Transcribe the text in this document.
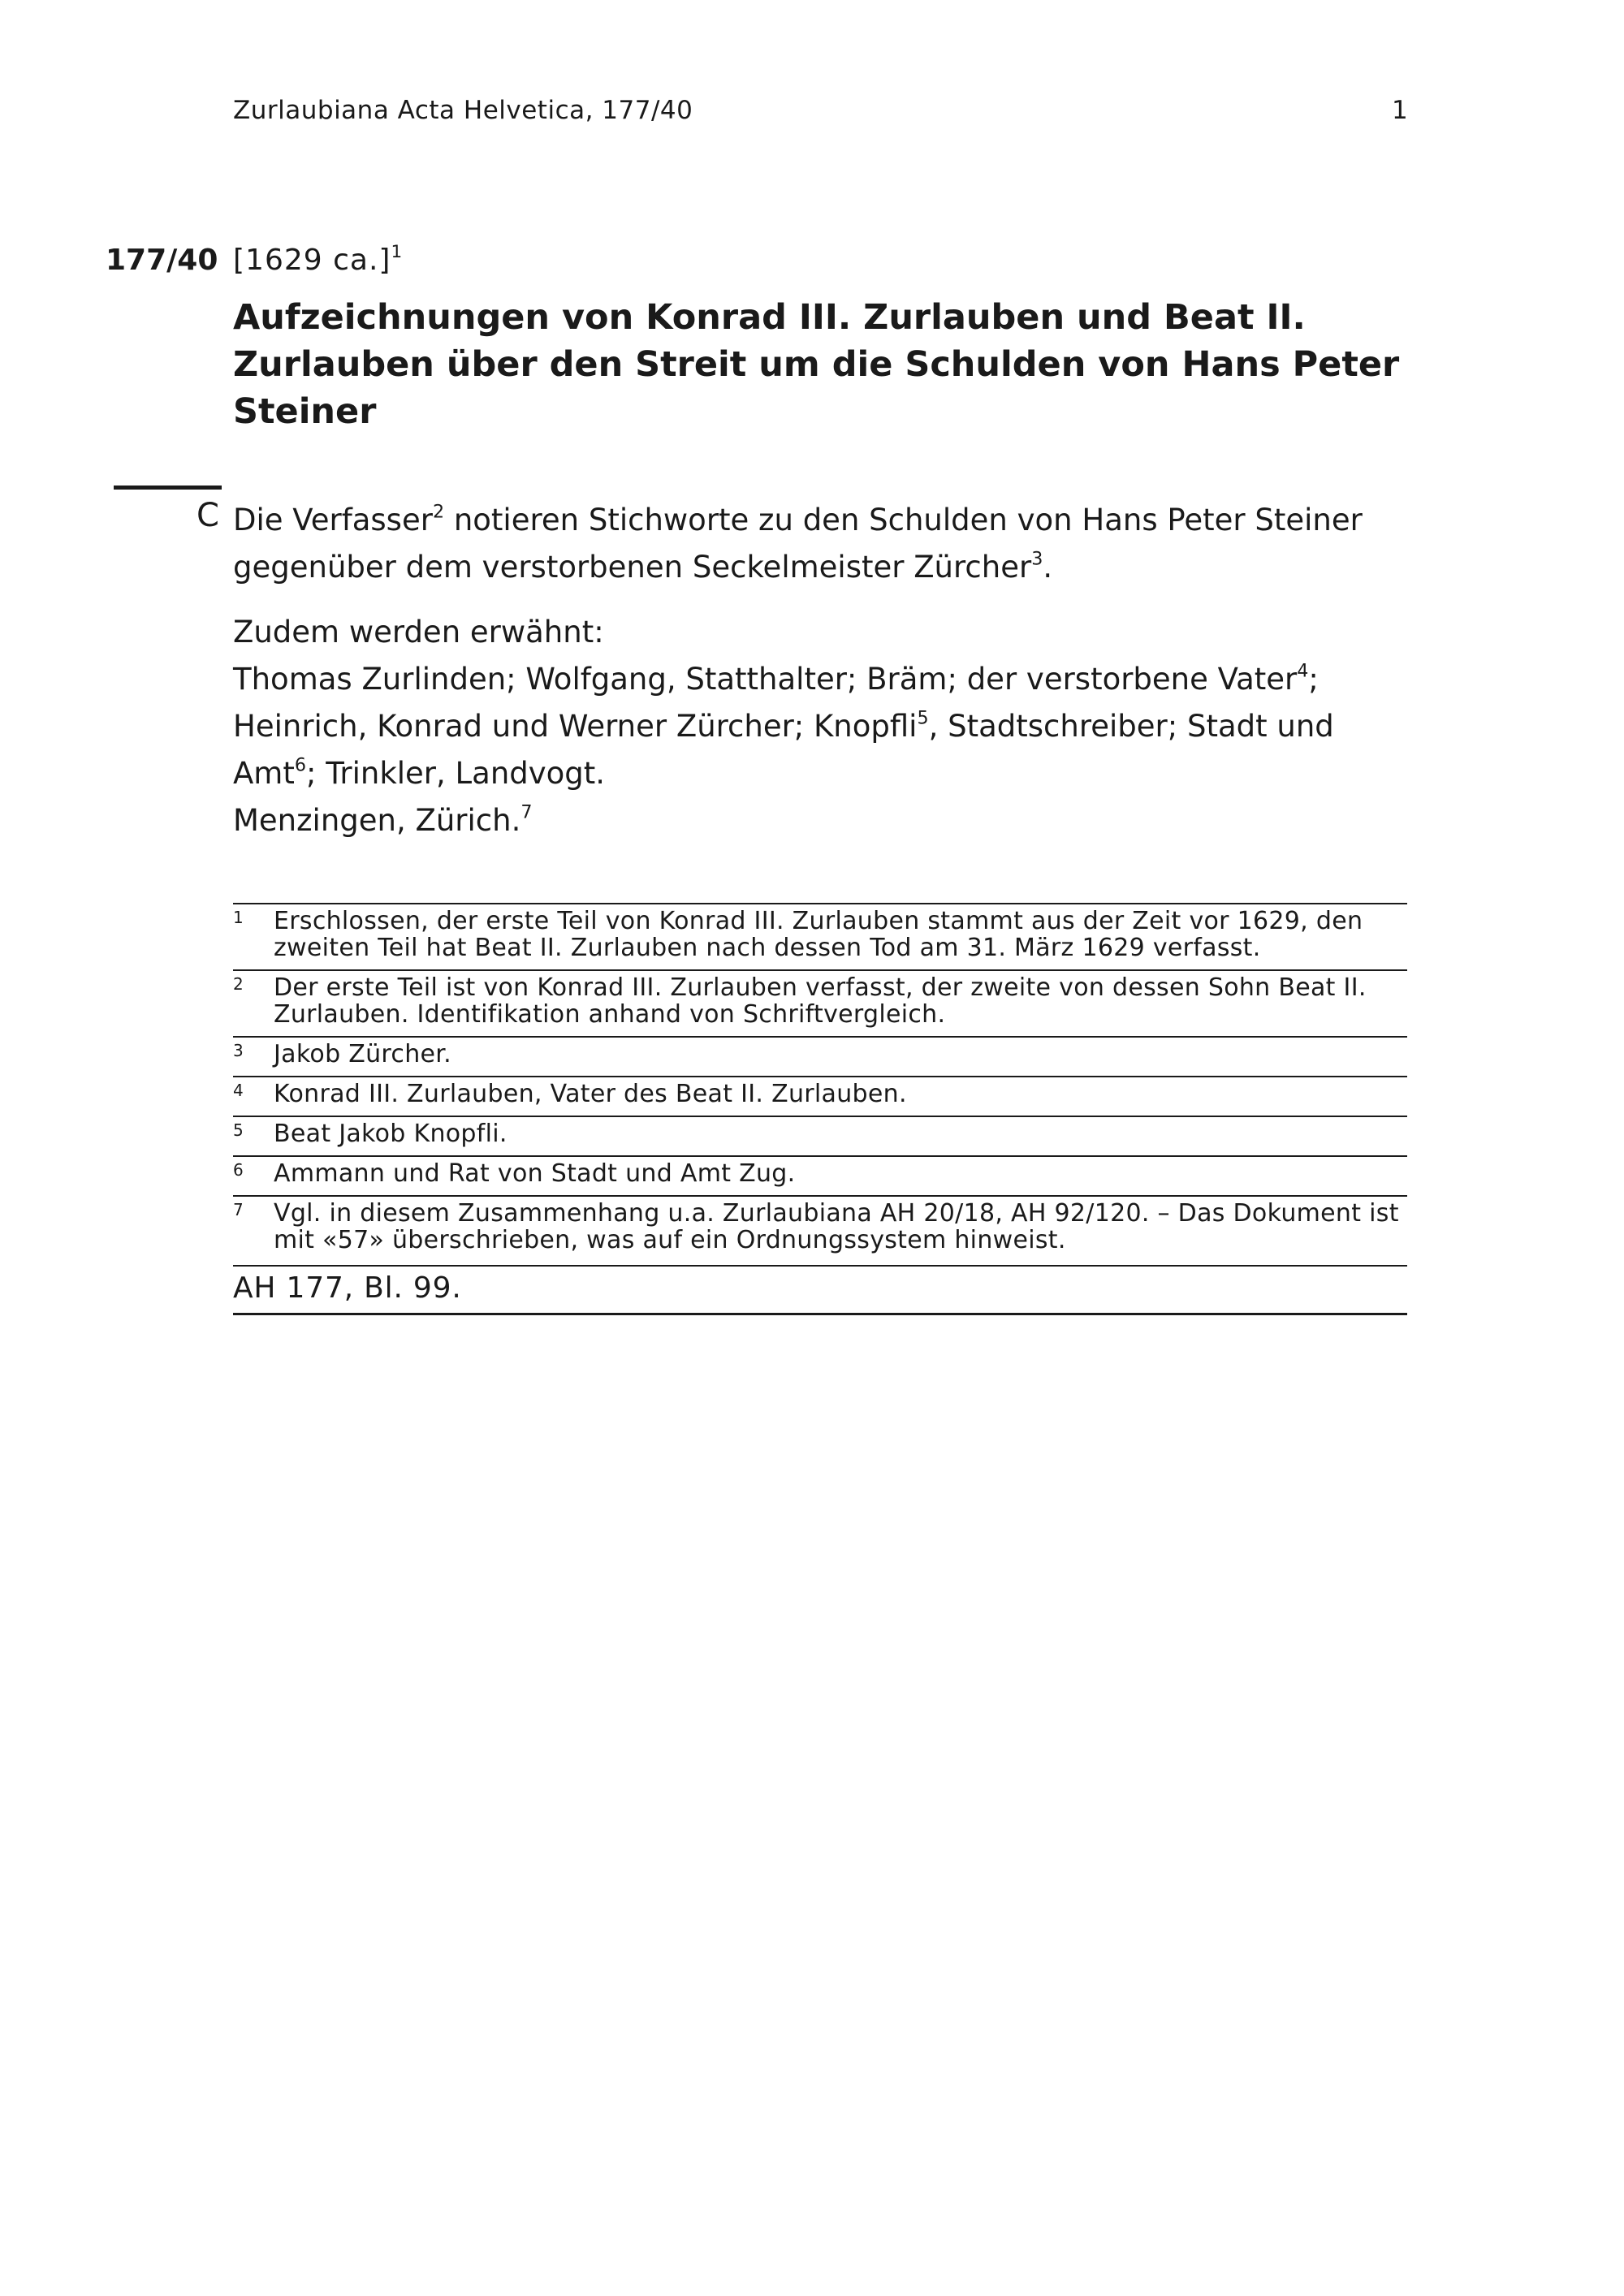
Zurlaubiana Acta Helvetica, 177/40	1
177/40 [1629 ca.]$^1$
Aufzeichnungen von Konrad III. Zurlauben und Beat II. Zurlauben über den Streit um die Schulden von Hans Peter Steiner
C Die Verfasser$^2$ notieren Stichworte zu den Schulden von Hans Peter Steiner gegenüber dem verstorbenen Seckelmeister Zürcher$^3$.

Zudem werden erwähnt:

Thomas Zurlinden; Wolfgang, Statthalter; Bräm; der verstorbene Vater$^4$; Heinrich, Konrad und Werner Zürcher; Knopfli$^5$, Stadtschreiber; Stadt und Amt$^6$; Trinkler, Landvogt.

Menzingen, Zürich.$^7$

1	Erschlossen, der erste Teil von Konrad III. Zurlauben stammt aus der Zeit vor 1629, den zweiten Teil hat Beat II. Zurlauben nach dessen Tod am 31. März 1629 verfasst.
2	Der erste Teil ist von Konrad III. Zurlauben verfasst, der zweite von dessen Sohn Beat II. Zurlauben. Identifikation anhand von Schriftvergleich.
3	Jakob Zürcher.
4	Konrad III. Zurlauben, Vater des Beat II. Zurlauben.
5	Beat Jakob Knopfli.
6	Ammann und Rat von Stadt und Amt Zug.
7	Vgl. in diesem Zusammenhang u.a. Zurlaubiana AH 20/18, AH 92/120. – Das Dokument ist mit «57» überschrieben, was auf ein Ordnungssystem hinweist.
AH 177, Bl. 99.
